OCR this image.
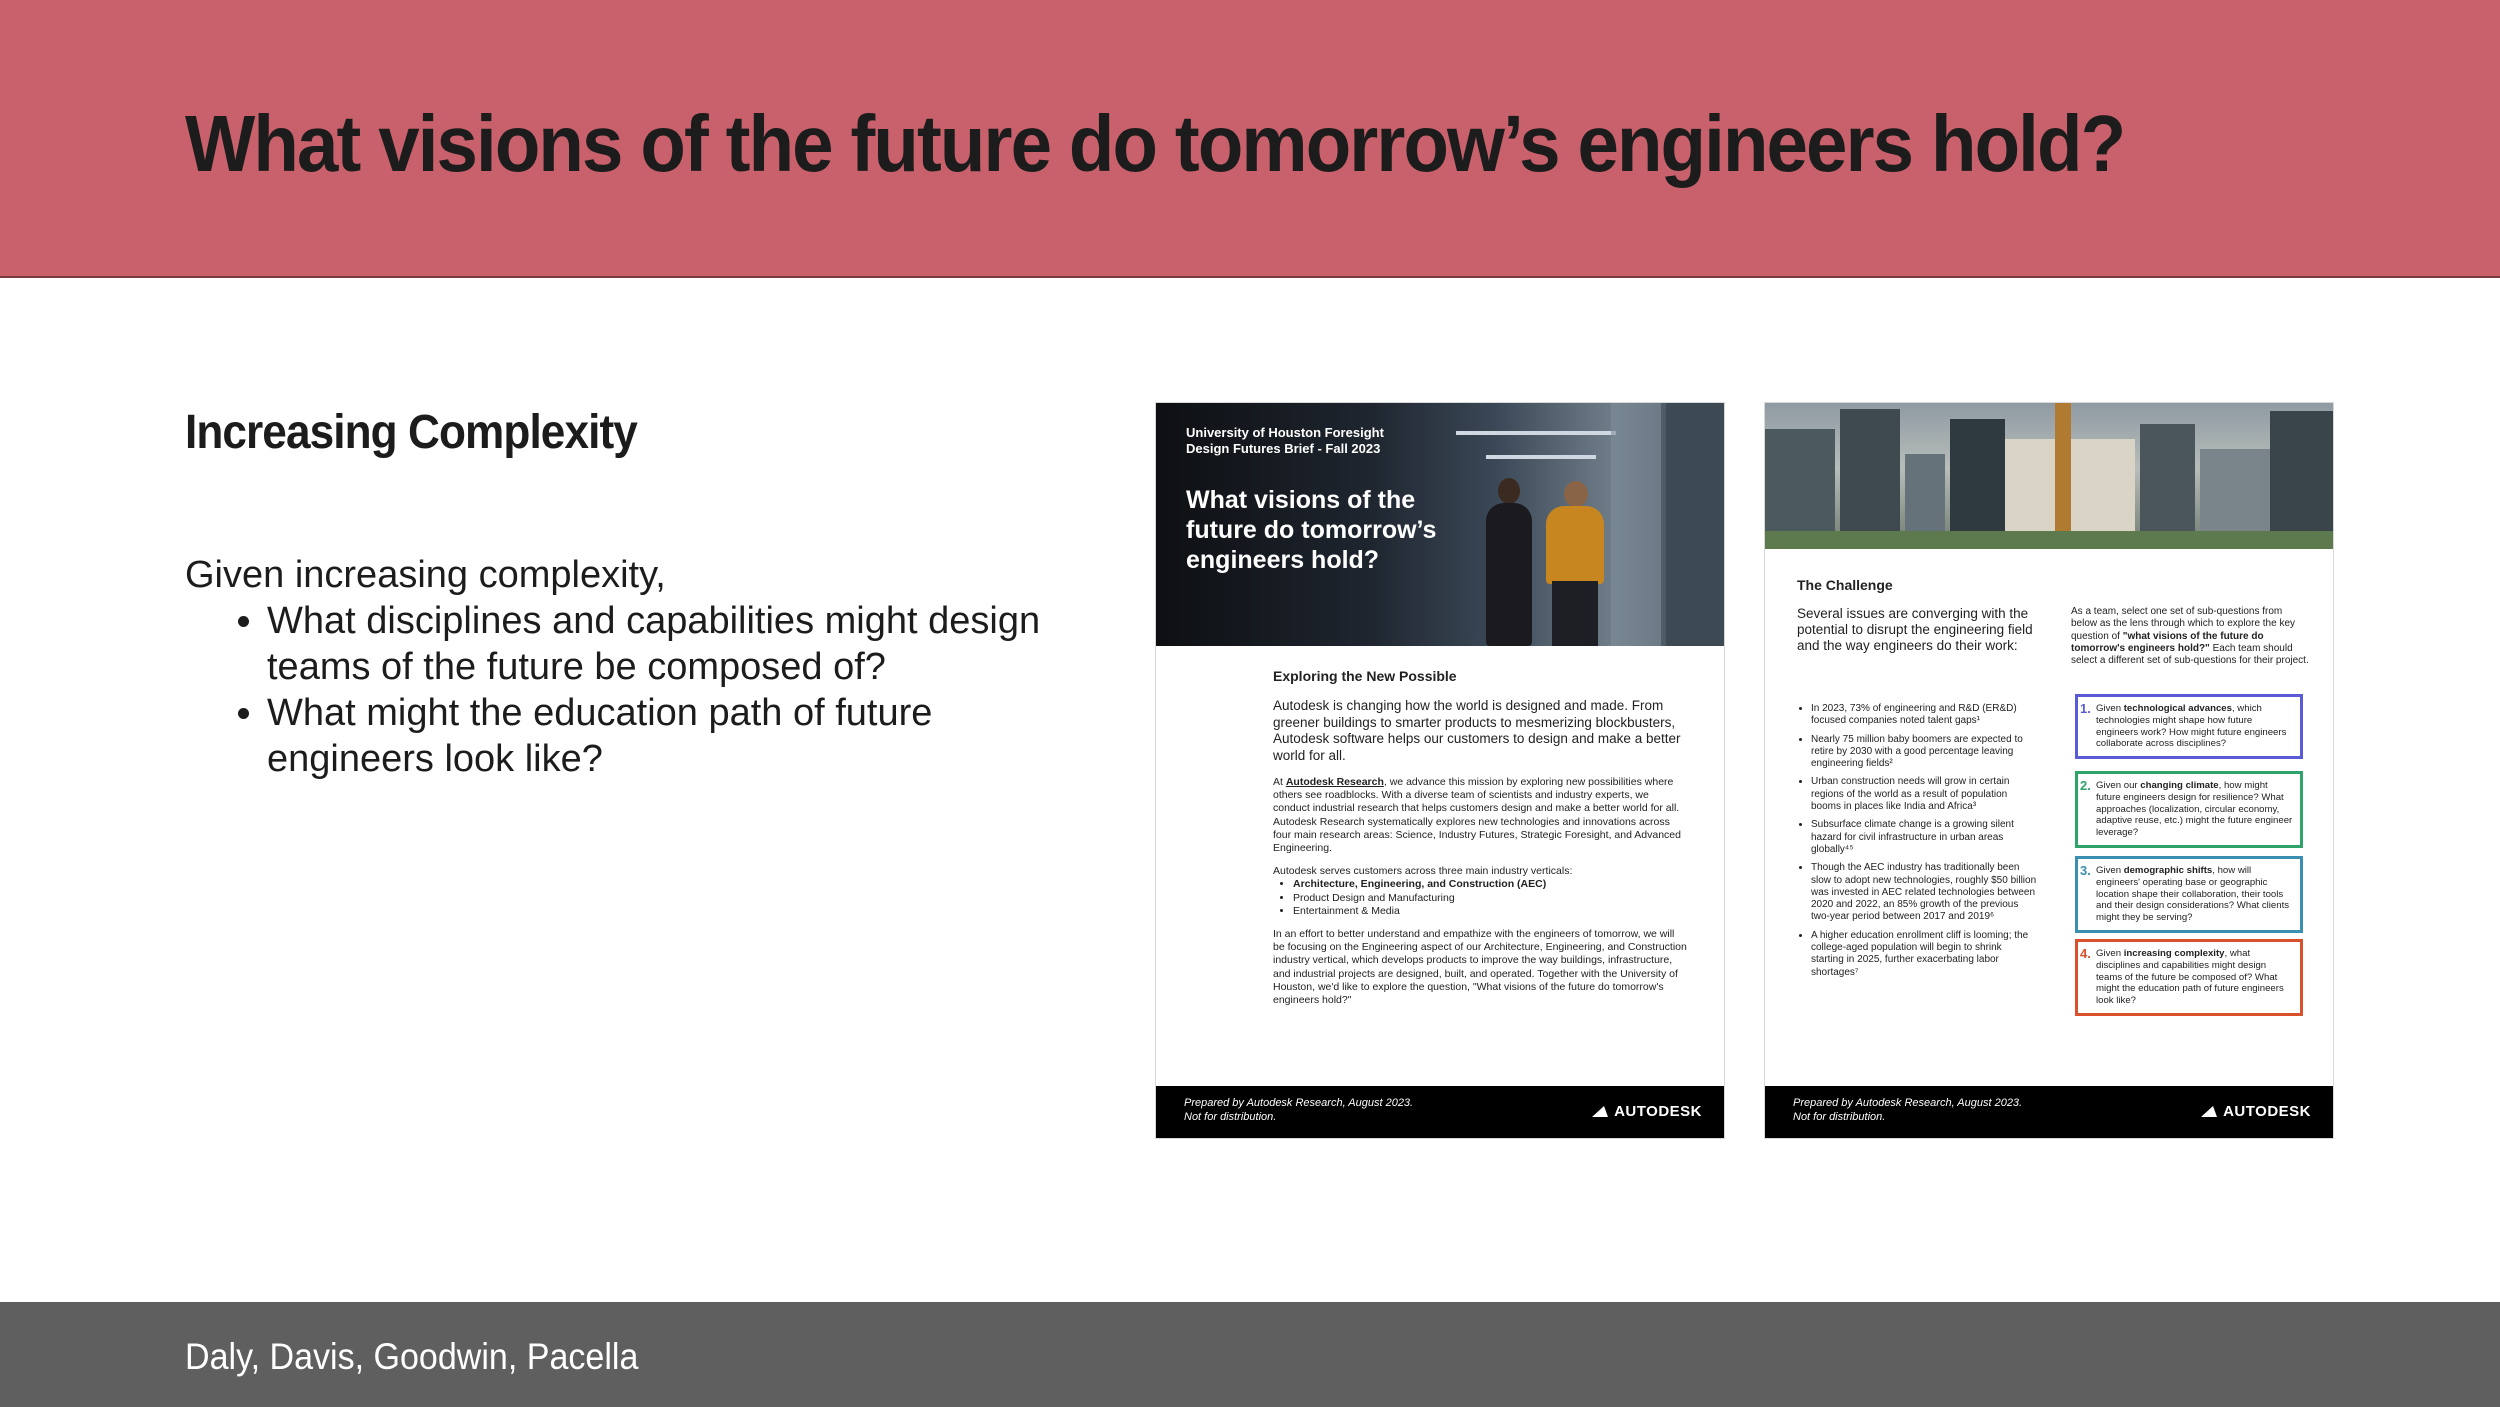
What visions of the future do tomorrow’s engineers hold?
Increasing Complexity
Given increasing complexity,
• What disciplines and capabilities might design teams of the future be composed of?
• What might the education path of future engineers look like?
University of Houston Foresight
Design Futures Brief - Fall 2023
What visions of the future do tomorrow’s engineers hold?
Exploring the New Possible
Autodesk is changing how the world is designed and made. From greener buildings to smarter products to mesmerizing blockbusters, Autodesk software helps our customers to design and make a better world for all.
At Autodesk Research, we advance this mission by exploring new possibilities where others see roadblocks. With a diverse team of scientists and industry experts, we conduct industrial research that helps customers design and make a better world for all. Autodesk Research systematically explores new technologies and innovations across four main research areas: Science, Industry Futures, Strategic Foresight, and Advanced Engineering.
Autodesk serves customers across three main industry verticals:
• Architecture, Engineering, and Construction (AEC)
• Product Design and Manufacturing
• Entertainment & Media
In an effort to better understand and empathize with the engineers of tomorrow, we will be focusing on the Engineering aspect of our Architecture, Engineering, and Construction industry vertical, which develops products to improve the way buildings, infrastructure, and industrial projects are designed, built, and operated. Together with the University of Houston, we'd like to explore the question, "What visions of the future do tomorrow's engineers hold?"
Prepared by Autodesk Research, August 2023.
Not for distribution.	AUTODESK
The Challenge
Several issues are converging with the potential to disrupt the engineering field and the way engineers do their work:
• In 2023, 73% of engineering and R&D (ER&D) focused companies noted talent gaps¹
• Nearly 75 million baby boomers are expected to retire by 2030 with a good percentage leaving engineering fields²
• Urban construction needs will grow in certain regions of the world as a result of population booms in places like India and Africa³
• Subsurface climate change is a growing silent hazard for civil infrastructure in urban areas globally⁴⁵
• Though the AEC industry has traditionally been slow to adopt new technologies, roughly $50 billion was invested in AEC related technologies between 2020 and 2022, an 85% growth of the previous two-year period between 2017 and 2019⁶
• A higher education enrollment cliff is looming; the college-aged population will begin to shrink starting in 2025, further exacerbating labor shortages⁷
As a team, select one set of sub-questions from below as the lens through which to explore the key question of "what visions of the future do tomorrow's engineers hold?" Each team should select a different set of sub-questions for their project.
1. Given technological advances, which technologies might shape how future engineers work? How might future engineers collaborate across disciplines?
2. Given our changing climate, how might future engineers design for resilience? What approaches (localization, circular economy, adaptive reuse, etc.) might the future engineer leverage?
3. Given demographic shifts, how will engineers' operating base or geographic location shape their collaboration, their tools and their design considerations? What clients might they be serving?
4. Given increasing complexity, what disciplines and capabilities might design teams of the future be composed of? What might the education path of future engineers look like?
Prepared by Autodesk Research, August 2023.
Not for distribution.	AUTODESK
Daly, Davis, Goodwin, Pacella
